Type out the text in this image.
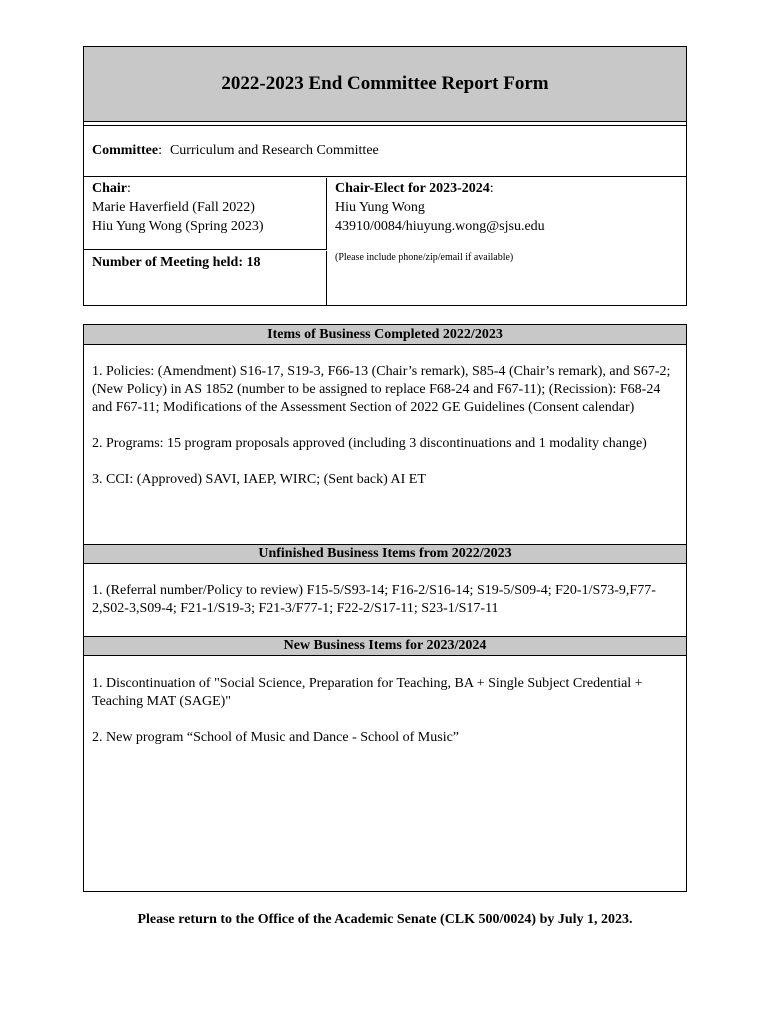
2022-2023 End Committee Report Form
Committee : Curriculum and Research Committee
Chair:
Marie Haverfield (Fall 2022)
Hiu Yung Wong (Spring 2023)
Number of Meeting held: 18
Chair-Elect for 2023-2024:
Hiu Yung Wong
43910/0084/hiuyung.wong@sjsu.edu
(Please include phone/zip/email if available)
Items of Business Completed 2022/2023

1. Policies: (Amendment) S16-17, S19-3, F66-13 (Chair’s remark), S85-4 (Chair’s remark), and S67-2; (New Policy) in AS 1852 (number to be assigned to replace F68-24 and F67-11); (Recission): F68-24 and F67-11; Modifications of the Assessment Section of 2022 GE Guidelines (Consent calendar)

2. Programs: 15 program proposals approved (including 3 discontinuations and 1 modality change)

3. CCI: (Approved) SAVI, IAEP, WIRC; (Sent back) AI ET

Unfinished Business Items from 2022/2023

1. (Referral number/Policy to review) F15-5/S93-14; F16-2/S16-14; S19-5/S09-4; F20-1/S73-9,F77-2,S02-3,S09-4; F21-1/S19-3; F21-3/F77-1; F22-2/S17-11; S23-1/S17-11

New Business Items for 2023/2024

1. Discontinuation of "Social Science, Preparation for Teaching, BA + Single Subject Credential + Teaching MAT (SAGE)"

2. New program “School of Music and Dance - School of Music”

Please return to the Office of the Academic Senate (CLK 500/0024) by July 1, 2023.
